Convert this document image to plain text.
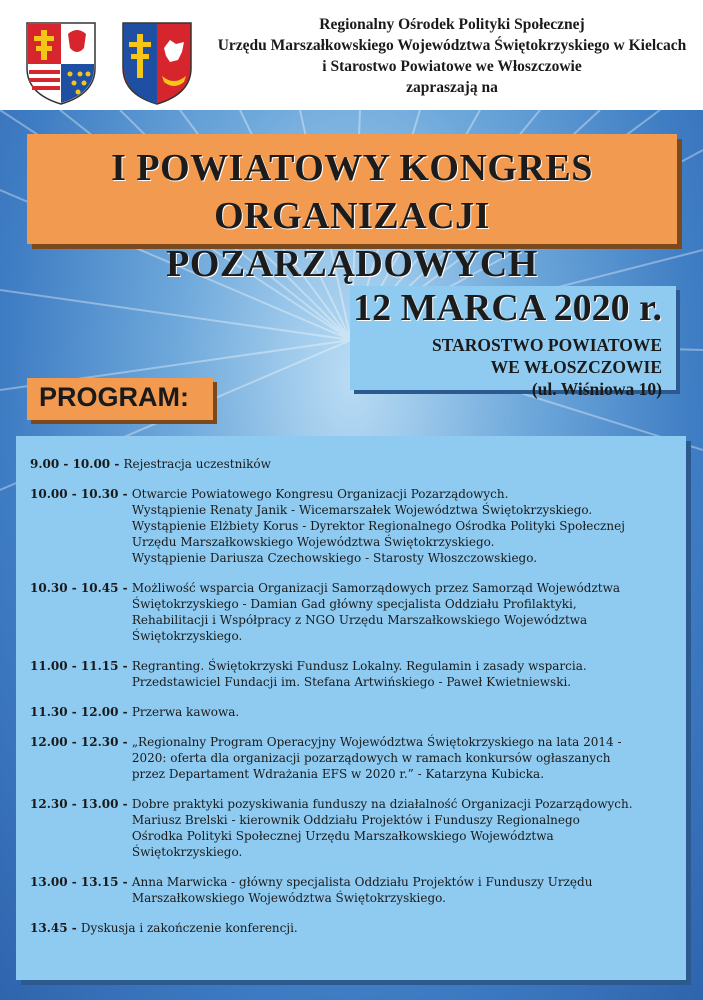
Regionalny Ośrodek Polityki Społecznej
Urzędu Marszałkowskiego Województwa Świętokrzyskiego w Kielcach
i Starostwo Powiatowe we Włoszczowie
zapraszają na
I POWIATOWY KONGRES
ORGANIZACJI POZARZĄDOWYCH
12 MARCA 2020 r.
STAROSTWO POWIATOWE
WE WŁOSZCZOWIE
(ul. Wiśniowa 10)
PROGRAM:
9.00 - 10.00 - Rejestracja uczestników
10.00 - 10.30 - Otwarcie Powiatowego Kongresu Organizacji Pozarządowych.
Wystąpienie Renaty Janik - Wicemarszałek Województwa Świętokrzyskiego.
Wystąpienie Elżbiety Korus - Dyrektor Regionalnego Ośrodka Polityki Społecznej
Urzędu Marszałkowskiego Województwa Świętokrzyskiego.
Wystąpienie Dariusza Czechowskiego - Starosty Włoszczowskiego.
10.30 - 10.45 - Możliwość wsparcia Organizacji Samorządowych przez Samorząd Województwa
Świętokrzyskiego - Damian Gad główny specjalista Oddziału Profilaktyki,
Rehabilitacji i Współpracy z NGO Urzędu Marszałkowskiego Województwa
Świętokrzyskiego.
11.00 - 11.15 - Regranting. Świętokrzyski Fundusz Lokalny. Regulamin i zasady wsparcia.
Przedstawiciel Fundacji im. Stefana Artwińskiego - Paweł Kwietniewski.
11.30 - 12.00 - Przerwa kawowa.
12.00 - 12.30 - „Regionalny Program Operacyjny Województwa Świętokrzyskiego na lata 2014 -
2020: oferta dla organizacji pozarządowych w ramach konkursów ogłaszanych
przez Departament Wdrażania EFS w 2020 r.” - Katarzyna Kubicka.
12.30 - 13.00 - Dobre praktyki pozyskiwania funduszy na działalność Organizacji Pozarządowych.
Mariusz Brelski - kierownik Oddziału Projektów i Funduszy Regionalnego
Ośrodka Polityki Społecznej Urzędu Marszałkowskiego Województwa
Świętokrzyskiego.
13.00 - 13.15 - Anna Marwicka - główny specjalista Oddziału Projektów i Funduszy Urzędu
Marszałkowskiego Województwa Świętokrzyskiego.
13.45 - Dyskusja i zakończenie konferencji.
